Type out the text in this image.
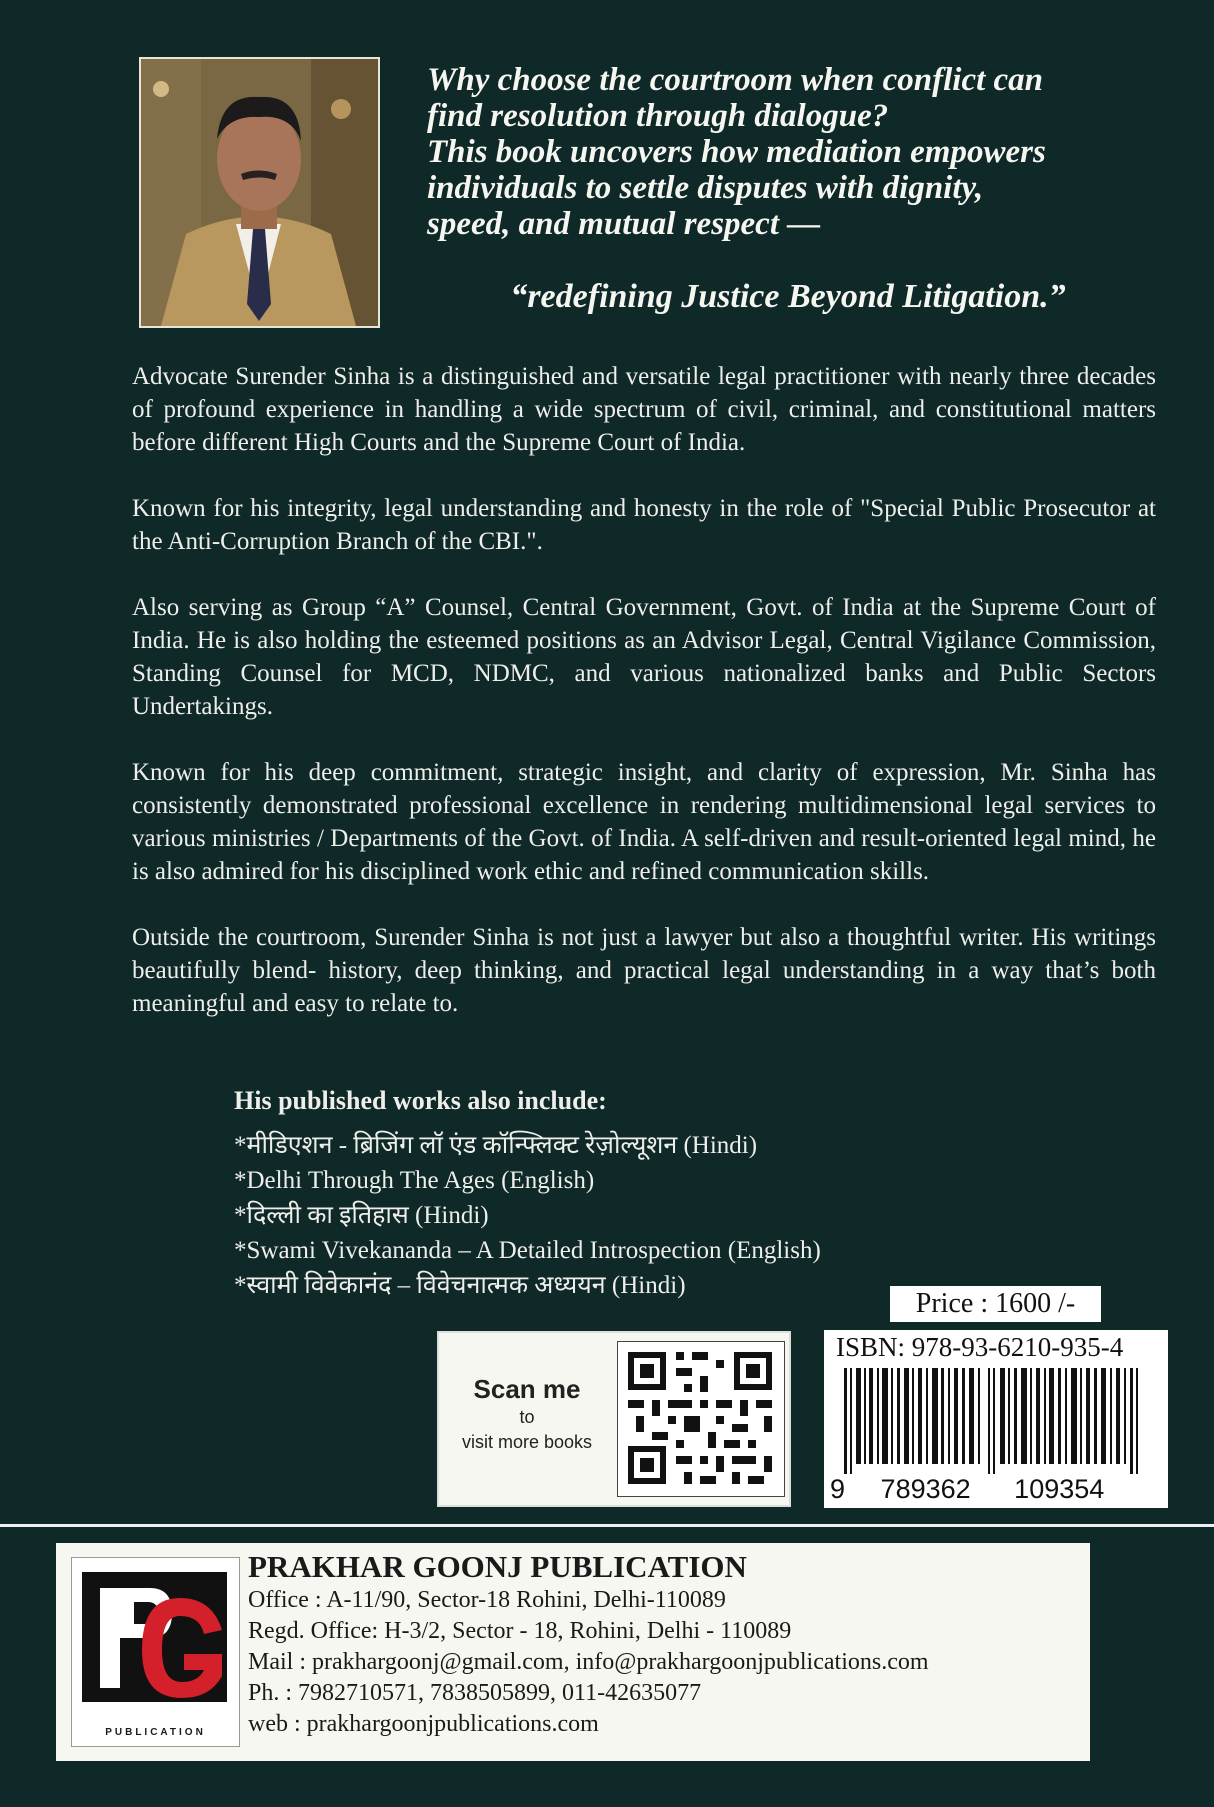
Why choose the courtroom when conflict can
find resolution through dialogue?
This book uncovers how mediation empowers
individuals to settle disputes with dignity,
speed, and mutual respect —
“redefining Justice Beyond Litigation.”

Advocate Surender Sinha is a distinguished and versatile legal practitioner with nearly three decades of profound experience in handling a wide spectrum of civil, criminal, and constitutional matters before different High Courts and the Supreme Court of India.

Known for his integrity, legal understanding and honesty in the role of "Special Public Prosecutor at the Anti-Corruption Branch of the CBI.".

Also serving as Group “A” Counsel, Central Government, Govt. of India at the Supreme Court of India. He is also holding the esteemed positions as an Advisor Legal, Central Vigilance Commission, Standing Counsel for MCD, NDMC, and various nationalized banks and Public Sectors Undertakings.

Known for his deep commitment, strategic insight, and clarity of expression, Mr. Sinha has consistently demonstrated professional excellence in rendering multidimensional legal services to various ministries / Departments of the Govt. of India. A self-driven and result-oriented legal mind, he is also admired for his disciplined work ethic and refined communication skills.

Outside the courtroom, Surender Sinha is not just a lawyer but also a thoughtful writer. His writings beautifully blend- history, deep thinking, and practical legal understanding in a way that’s both meaningful and easy to relate to.

His published works also include:
*मीडिएशन - ब्रिजिंग लॉ एंड कॉन्फ्लिक्ट रेज़ोल्यूशन (Hindi)
*Delhi Through The Ages (English)
*दिल्ली का इतिहास (Hindi)
*Swami Vivekananda – A Detailed Introspection (English)
*स्वामी विवेकानंद – विवेचनात्मक अध्ययन (Hindi)
Price : 1600 /-
Scan me
to
visit more books
ISBN: 978-93-6210-935-4
9 789362 109354
PUBLICATION
PRAKHAR GOONJ PUBLICATION
Office : A-11/90, Sector-18 Rohini, Delhi-110089
Regd. Office: H-3/2, Sector - 18, Rohini, Delhi - 110089
Mail : prakhargoonj@gmail.com, info@prakhargoonjpublications.com
Ph. : 7982710571, 7838505899, 011-42635077
web : prakhargoonjpublications.com
